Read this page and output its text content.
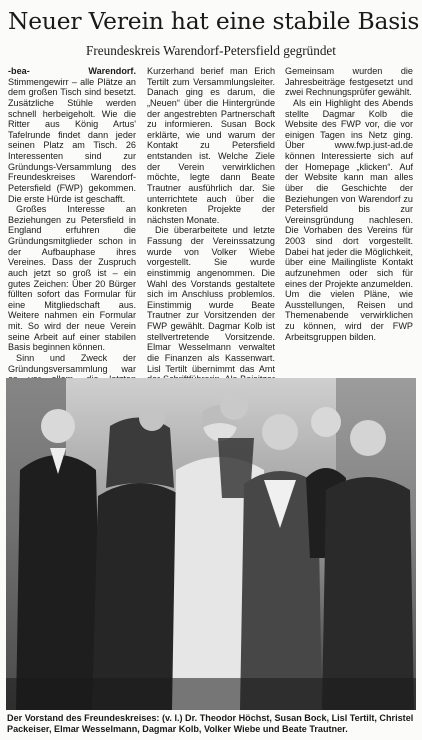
Neuer Verein hat eine stabile Basis
Freundeskreis Warendorf-Petersfield gegründet

-bea- Warendorf. Stimmengewirr – alle Plätze an dem großen Tisch sind besetzt. Zusätzliche Stühle werden schnell herbeigeholt. Wie die Ritter aus König Artus' Tafelrunde findet dann jeder seinen Platz am Tisch. 26 Interessenten sind zur Gründungs-Versammlung des Freundeskreises Warendorf-Petersfield (FWP) gekommen. Die erste Hürde ist geschafft.

Großes Interesse an Beziehungen zu Petersfield in England erfuhren die Gründungsmitglieder schon in der Aufbauphase ihres Vereines. Dass der Zuspruch auch jetzt so groß ist – ein gutes Zeichen: Über 20 Bürger füllten sofort das Formular für eine Mitgliedschaft aus. Weitere nahmen ein Formular mit. So wird der neue Verein seine Arbeit auf einer stabilen Basis beginnen können.

Sinn und Zweck der Gründungsversammlung war

Kurzerhand berief man Erich Tertilt zum Versammlungsleiter. Danach ging es darum, die „Neuen“ über die Hintergründe der angestrebten Partnerschaft zu informieren. Susan Bock erklärte, wie und warum der Kontakt zu Petersfield entstanden ist. Welche Ziele der Verein verwirklichen möchte, legte dann Beate Trautner ausführlich dar. Sie unterrichtete auch über die konkreten Projekte der nächsten Monate.

Die überarbeitete und letzte Fassung der Vereinssatzung wurde von Volker Wiebe vorgestellt. Sie wurde einstimmig angenommen. Die Wahl des Vorstands gestaltete sich im Anschluss problemlos. Einstimmig wurde Beate Trautner zur Vorsitzenden der FWP gewählt. Dagmar Kolb ist stellvertretende Vorsitzende. Elmar Wesselmann verwaltet die Finanzen als Kassenwart. Lisl Tertilt übernimmt das Amt

Gemeinsam wurden die Jahresbeiträge festgesetzt und zwei Rechnungsprüfer gewählt.

Als ein Highlight des Abends stellte Dagmar Kolb die Website des FWP vor, die vor einigen Tagen ins Netz ging. Über www.fwp.just-ad.de können Interessierte sich auf der Homepage „klicken“. Auf der Website kann man alles über die Geschichte der Beziehungen von Warendorf zu Petersfield bis zur Vereinsgründung nachlesen. Die Vorhaben des Vereins für 2003 sind dort vorgestellt. Dabei hat jeder die Möglichkeit, über eine Mailingliste Kontakt aufzunehmen oder sich für eines der Projekte anzumelden. Um die vielen Pläne, wie Ausstellungen, Reisen und Themenabende verwirklichen zu können, wird der FWP Arbeitsgruppen bilden.

Der Vorstand des Freundeskreises: (v. l.) Dr. Theodor Höchst, Susan Bock, Lisl Tertilt, Christel Packeiser, Elmar Wesselmann, Dagmar Kolb, Volker Wiebe und Beate Trautner.
